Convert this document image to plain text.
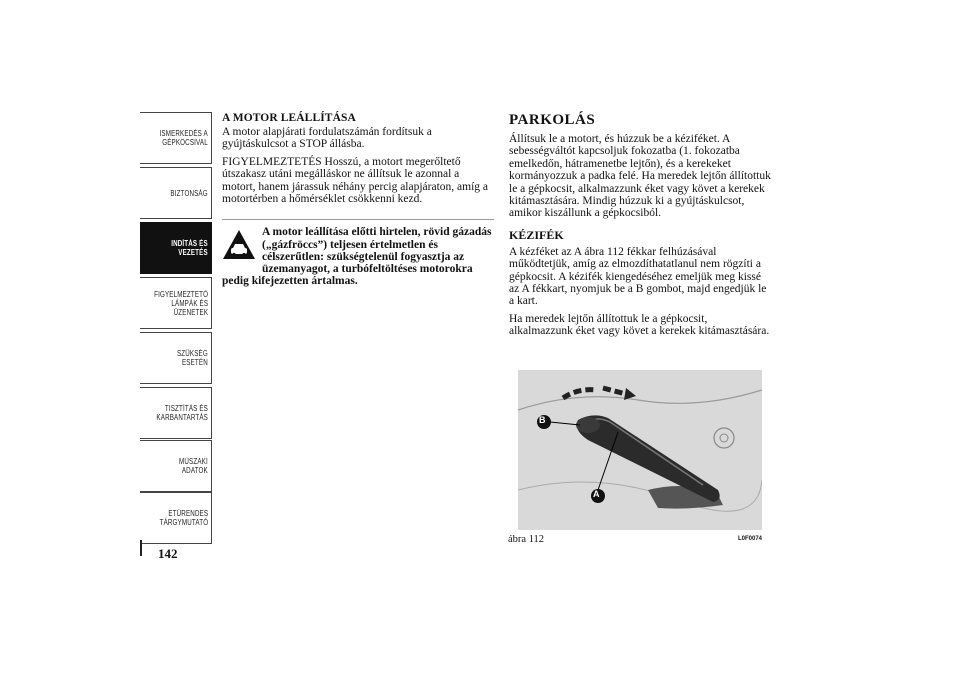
ISMERKEDÉS A
GÉPKOCSIVAL
BIZTONSÁG
INDÍTÁS ÉS
VEZETÉS
FIGYELMEZTETŐ
LÁMPÁK ÉS
ÜZENETEK
SZÜKSÉG ESETÉN
TISZTÍTÁS ÉS
KARBANTARTÁS
MŰSZAKI ADATOK
ETŰRENDES
TÁRGYMUTATÓ
142
A MOTOR LEÁLLÍTÁSA

A motor alapjárati fordulatszámán fordítsuk a gyújtáskulcsot a STOP állásba.

FIGYELMEZTETÉS Hosszú, a motort megerőltető útszakasz utáni megálláskor ne állítsuk le azonnal a motort, hanem járassuk néhány percig alapjáraton, amíg a motortérben a hőmérséklet csökkenni kezd.

A motor leállítása előtti hirtelen, rövid gázadás („gázfröccs”) teljesen értelmetlen és célszerűtlen: szükségtelenül fogyasztja az üzemanyagot, a turbófeltöltéses motorokra pedig kifejezetten ártalmas.
PARKOLÁS

Állítsuk le a motort, és húzzuk be a kéziféket. A sebességváltót kapcsoljuk fokozatba (1. fokozatba emelkedőn, hátramenetbe lejtőn), és a kerekeket kormányozzuk a padka felé. Ha meredek lejtőn állítottuk le a gépkocsit, alkalmazzunk éket vagy követ a kerekek kitámasztására. Mindig húzzuk ki a gyújtáskulcsot, amikor kiszállunk a gépkocsiból.

KÉZIFÉK

A kézféket az A ábra 112 fékkar felhúzásával működtetjük, amíg az elmozdíthatatlanul nem rögzíti a gépkocsit. A kézifék kiengedéséhez emeljük meg kissé az A fékkart, nyomjuk be a B gombot, majd engedjük le a kart.

Ha meredek lejtőn állítottuk le a gépkocsit, alkalmazzunk éket vagy követ a kerekek kitámasztására.

B
A
ábra 112	L0F0074
